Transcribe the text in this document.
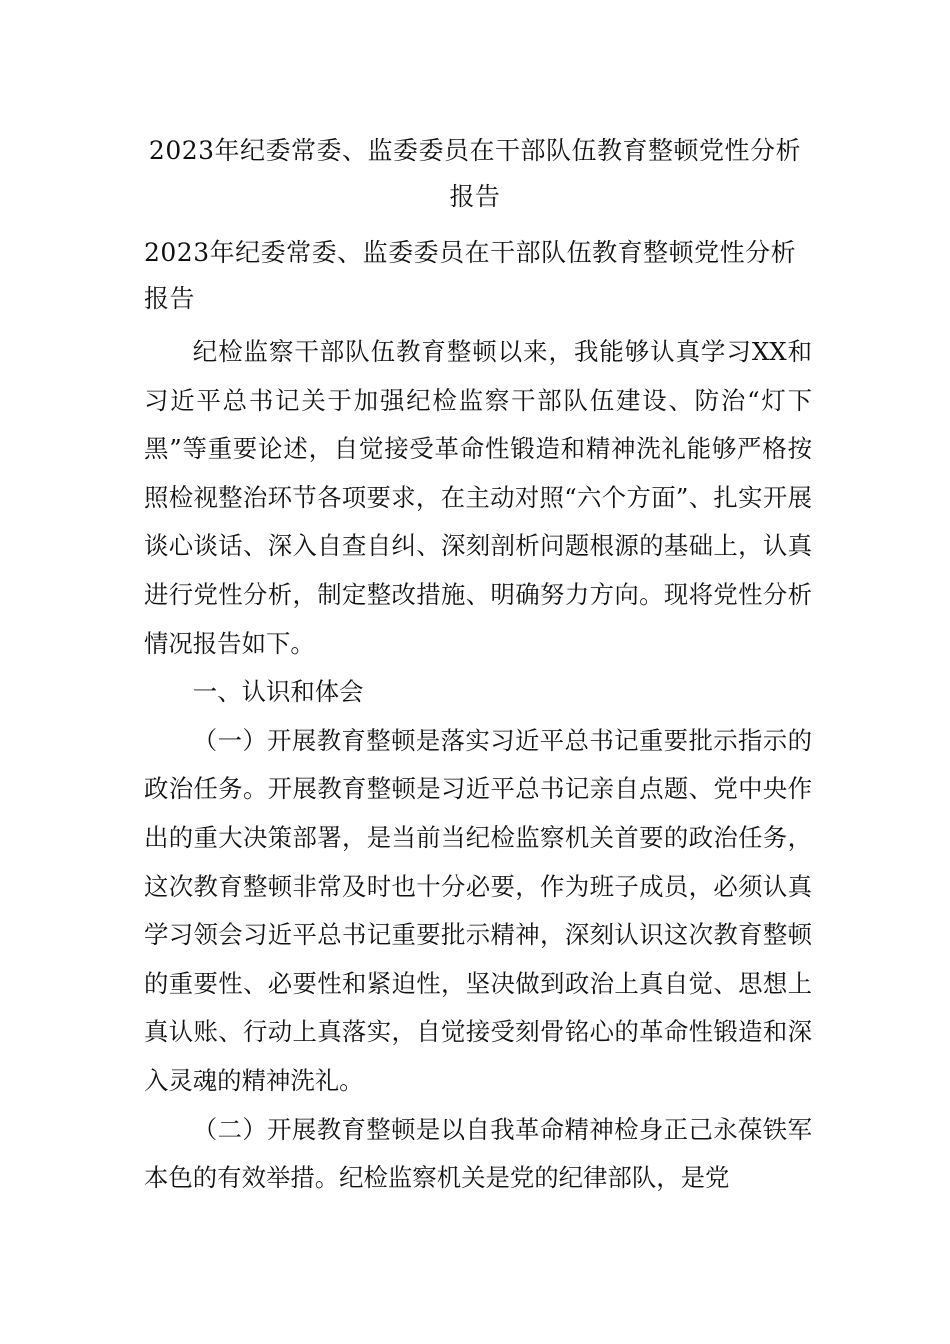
2023年纪委常委、监委委员在干部队伍教育整顿党性分析报告
2023年纪委常委、监委委员在干部队伍教育整顿党性分析报告

纪检监察干部队伍教育整顿以来，我能够认真学习XX和习近平总书记关于加强纪检监察干部队伍建设、防治“灯下黑”等重要论述，自觉接受革命性锻造和精神洗礼能够严格按照检视整治环节各项要求，在主动对照“六个方面”、扎实开展谈心谈话、深入自查自纠、深刻剖析问题根源的基础上，认真进行党性分析，制定整改措施、明确努力方向。现将党性分析情况报告如下。

一、认识和体会

（一）开展教育整顿是落实习近平总书记重要批示指示的政治任务。开展教育整顿是习近平总书记亲自点题、党中央作出的重大决策部署，是当前当纪检监察机关首要的政治任务，这次教育整顿非常及时也十分必要，作为班子成员，必须认真学习领会习近平总书记重要批示精神，深刻认识这次教育整顿的重要性、必要性和紧迫性，坚决做到政治上真自觉、思想上真认账、行动上真落实，自觉接受刻骨铭心的革命性锻造和深入灵魂的精神洗礼。

（二）开展教育整顿是以自我革命精神检身正己永葆铁军本色的有效举措。纪检监察机关是党的纪律部队，是党
